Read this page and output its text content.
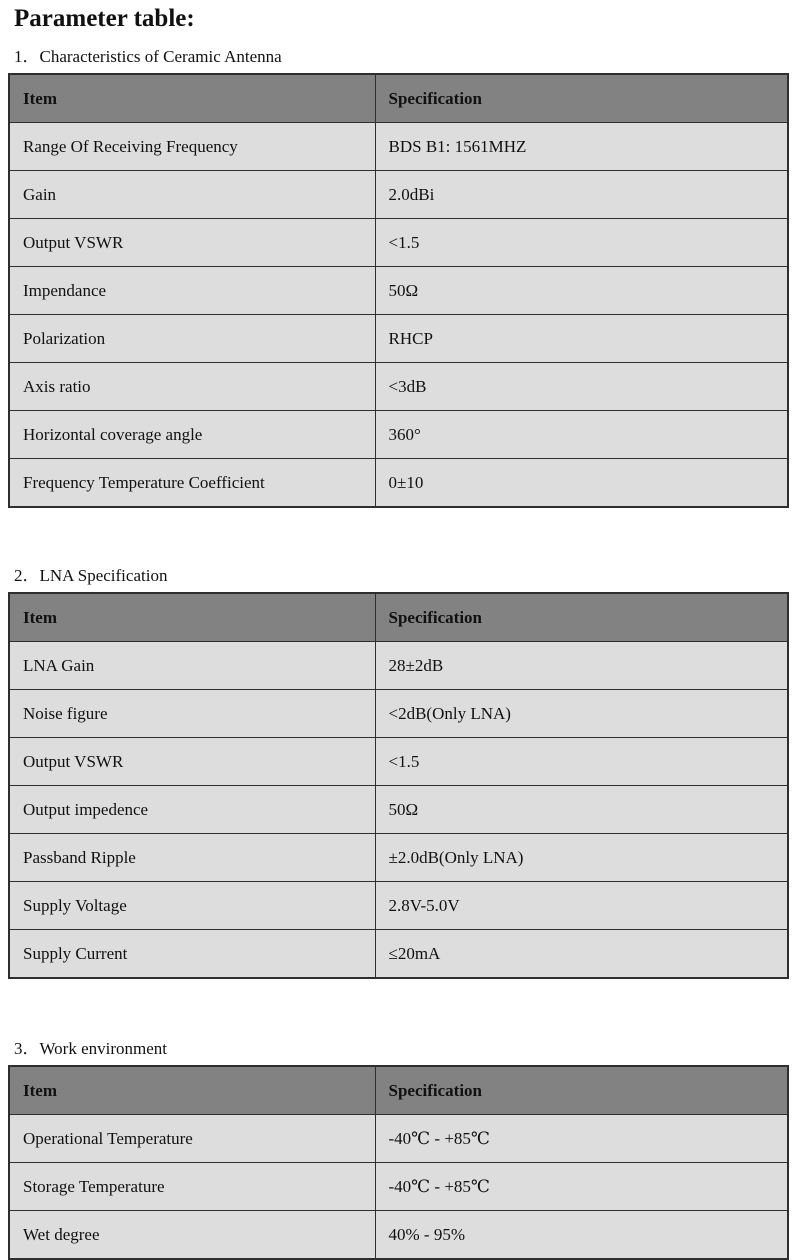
Parameter table:
1．Characteristics of Ceramic Antenna
Item	Specification
Range Of Receiving Frequency	BDS B1: 1561MHZ
Gain	2.0dBi
Output VSWR	<1.5
Impendance	50Ω
Polarization	RHCP
Axis ratio	<3dB
Horizontal coverage angle	360°
Frequency Temperature Coefficient	0±10
2．LNA Specification
Item	Specification
LNA Gain	28±2dB
Noise figure	<2dB(Only LNA)
Output VSWR	<1.5
Output impedence	50Ω
Passband Ripple	±2.0dB(Only LNA)
Supply Voltage	2.8V-5.0V
Supply Current	≤20mA
3．Work environment
Item	Specification
Operational Temperature	-40℃ - +85℃
Storage Temperature	-40℃ - +85℃
Wet degree	40% - 95%
